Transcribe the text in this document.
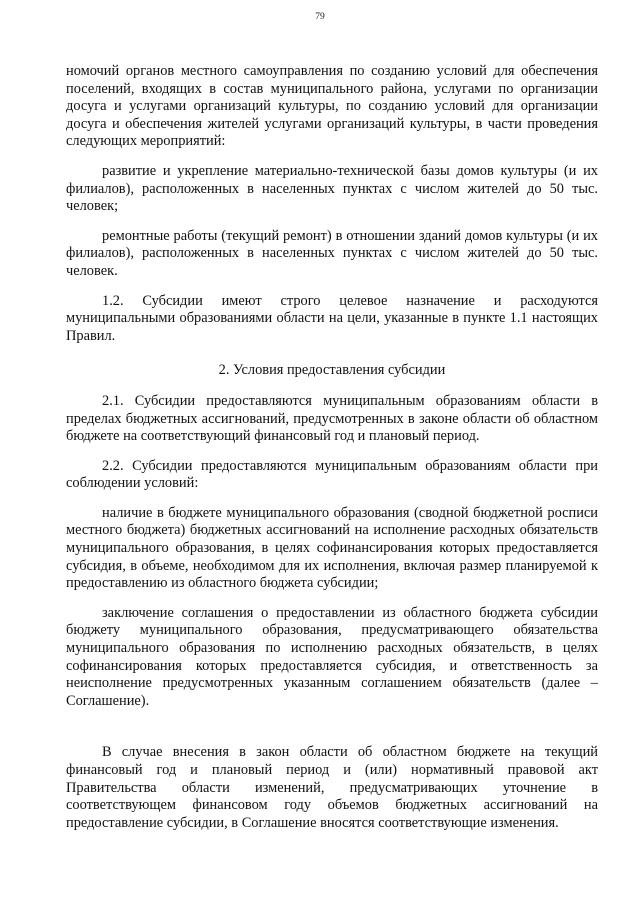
79

номочий органов местного самоуправления по созданию условий для обеспечения поселений, входящих в состав муниципального района, услугами по организации досуга и услугами организаций культуры, по созданию условий для организации досуга и обеспечения жителей услугами организаций культуры, в части проведения следующих мероприятий:

развитие и укрепление материально-технической базы домов культуры (и их филиалов), расположенных в населенных пунктах с числом жителей до 50 тыс. человек;

ремонтные работы (текущий ремонт) в отношении зданий домов культуры (и их филиалов), расположенных в населенных пунктах с числом жителей до 50 тыс. человек.

1.2. Субсидии имеют строго целевое назначение и расходуются муниципальными образованиями области на цели, указанные в пункте 1.1 настоящих Правил.

2. Условия предоставления субсидии

2.1. Субсидии предоставляются муниципальным образованиям области в пределах бюджетных ассигнований, предусмотренных в законе области об областном бюджете на соответствующий финансовый год и плановый период.

2.2. Субсидии предоставляются муниципальным образованиям области при соблюдении условий:

наличие в бюджете муниципального образования (сводной бюджетной росписи местного бюджета) бюджетных ассигнований на исполнение расходных обязательств муниципального образования, в целях софинансирования которых предоставляется субсидия, в объеме, необходимом для их исполнения, включая размер планируемой к предоставлению из областного бюджета субсидии;

заключение соглашения о предоставлении из областного бюджета субсидии бюджету муниципального образования, предусматривающего обязательства муниципального образования по исполнению расходных обязательств, в целях софинансирования которых предоставляется субсидия, и ответственность за неисполнение предусмотренных указанным соглашением обязательств (далее – Соглашение).

В случае внесения в закон области об областном бюджете на текущий финансовый год и плановый период и (или) нормативный правовой акт Правительства области изменений, предусматривающих уточнение в соответствующем финансовом году объемов бюджетных ассигнований на предоставление субсидии, в Соглашение вносятся соответствующие изменения.
